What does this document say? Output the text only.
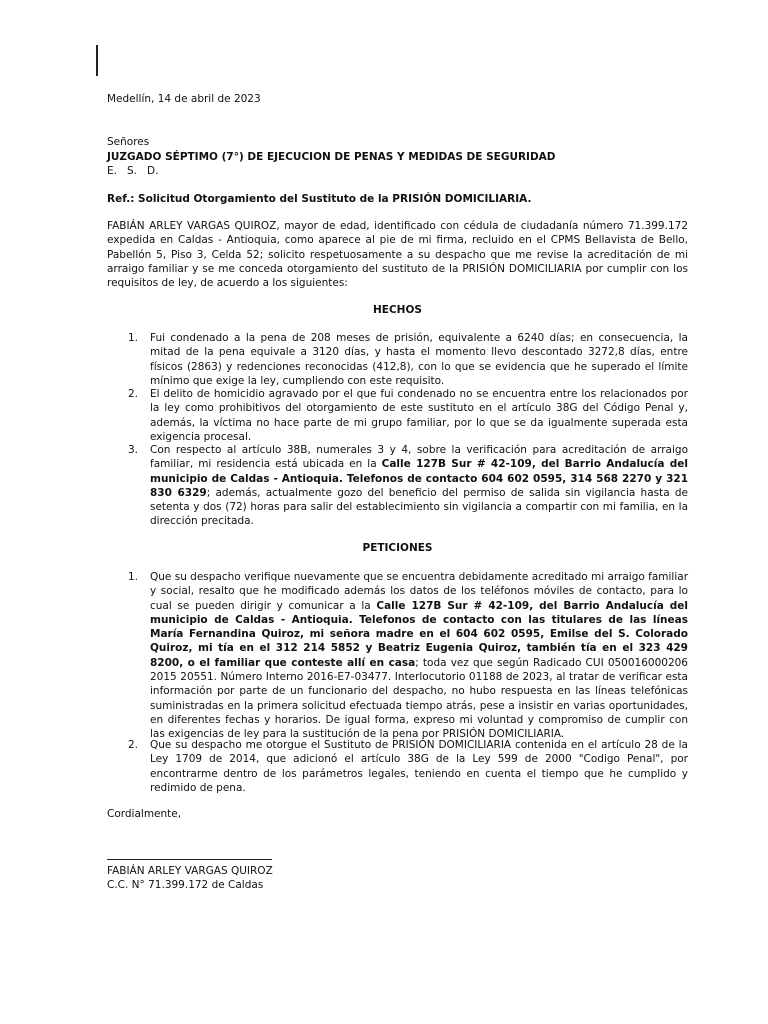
Medellín, 14 de abril de 2023
Señores
JUZGADO SÉPTIMO (7°) DE EJECUCION DE PENAS Y MEDIDAS DE SEGURIDAD
E.   S.   D.
Ref.: Solicitud Otorgamiento del Sustituto de la PRISIÓN DOMICILIARIA.
FABIÁN ARLEY VARGAS QUIROZ, mayor de edad, identificado con cédula de ciudadanía número 71.399.172 expedida en Caldas - Antioquia, como aparece al pie de mi firma, recluido en el CPMS Bellavista de Bello, Pabellón 5, Piso 3, Celda 52; solicito respetuosamente a su despacho que me revise la acreditación de mi arraigo familiar y se me conceda otorgamiento del sustituto de la PRISIÓN DOMICILIARIA por cumplir con los requisitos de ley, de acuerdo a los siguientes:
HECHOS
1. Fui condenado a la pena de 208 meses de prisión, equivalente a 6240 días; en consecuencia, la mitad de la pena equivale a 3120 días, y hasta el momento llevo descontado 3272,8 días, entre físicos (2863) y redenciones reconocidas (412,8), con lo que se evidencia que he superado el límite mínimo que exige la ley, cumpliendo con este requisito.
2. El delito de homicidio agravado por el que fui condenado no se encuentra entre los relacionados por la ley como prohibitivos del otorgamiento de este sustituto en el artículo 38G del Código Penal y, además, la víctima no hace parte de mi grupo familiar, por lo que se da igualmente superada esta exigencia procesal.
3. Con respecto al artículo 38B, numerales 3 y 4, sobre la verificación para acreditación de arraigo familiar, mi residencia está ubicada en la Calle 127B Sur # 42-109, del Barrio Andalucía del municipio de Caldas - Antioquia. Telefonos de contacto 604 602 0595, 314 568 2270 y 321 830 6329; además, actualmente gozo del beneficio del permiso de salida sin vigilancia hasta de setenta y dos (72) horas para salir del establecimiento sin vigilancia a compartir con mi familia, en la dirección precitada.
PETICIONES
1. Que su despacho verifique nuevamente que se encuentra debidamente acreditado mi arraigo familiar y social, resalto que he modificado además los datos de los teléfonos móviles de contacto, para lo cual se pueden dirigir y comunicar a la Calle 127B Sur # 42-109, del Barrio Andalucía del municipio de Caldas - Antioquia. Telefonos de contacto con las titulares de las líneas María Fernandina Quiroz, mi señora madre en el 604 602 0595, Emilse del S. Colorado Quiroz, mi tía en el 312 214 5852 y Beatriz Eugenia Quiroz, también tía en el 323 429 8200, o el familiar que conteste allí en casa; toda vez que según Radicado CUI 050016000206 2015 20551. Número Interno 2016-E7-03477. Interlocutorio 01188 de 2023, al tratar de verificar esta información por parte de un funcionario del despacho, no hubo respuesta en las líneas telefónicas suministradas en la primera solicitud efectuada tiempo atrás, pese a insistir en varias oportunidades, en diferentes fechas y horarios. De igual forma, expreso mi voluntad y compromiso de cumplir con las exigencias de ley para la sustitución de la pena por PRISIÓN DOMICILIARIA.
2. Que su despacho me otorgue el Sustituto de PRISIÓN DOMICILIARIA contenida en el artículo 28 de la Ley 1709 de 2014, que adicionó el artículo 38G de la Ley 599 de 2000 "Codigo Penal", por encontrarme dentro de los parámetros legales, teniendo en cuenta el tiempo que he cumplido y redimido de pena.
Cordialmente,
FABIÁN ARLEY VARGAS QUIROZ
C.C. N° 71.399.172 de Caldas
